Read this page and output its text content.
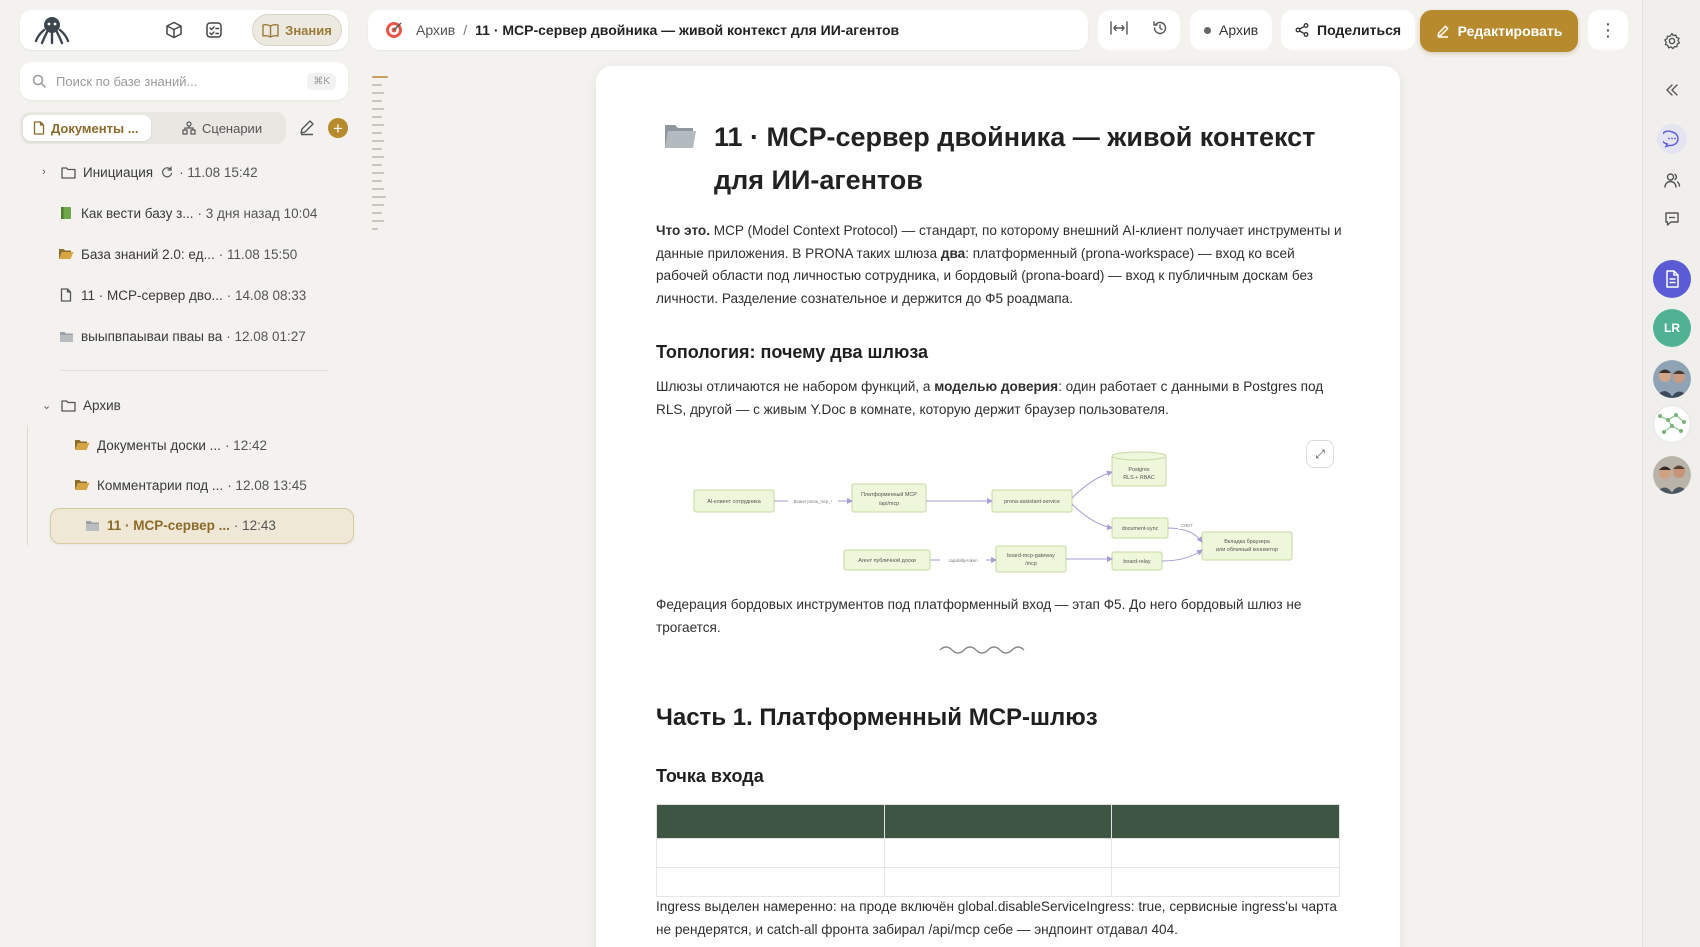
Знания
Поиск по базе знаний...
⌘K
Документы ...	Сценарии	+
›	Инициация · 11.08 15:42
Как вести базу з... · 3 дня назад 10:04
База знаний 2.0: ед... · 11.08 15:50
11 · MCP-сервер дво... · 14.08 08:33
выыпвпаываи пваы ва · 12.08 01:27
⌄ Архив
Документы доски ... · 12:42
Комментарии под ... · 12.08 13:45
11 · MCP-сервер ... · 12:43
Архив / 11 · MCP-сервер двойника — живой контекст для ИИ-агентов	Архив	Поделиться	Редактировать ⋮
LR
11 · MCP-сервер двойника — живой контекст для ИИ-агентов
Что это. MCP (Model Context Protocol) — стандарт, по которому внешний AI-клиент получает инструменты и данные приложения. В PRONA таких шлюза два: платформенный (prona-workspace) — вход ко всей рабочей области под личностью сотрудника, и бордовый (prona-board) — вход к публичным доскам без личности. Разделение сознательное и держится до Ф5 роадмапа.
Топология: почему два шлюза
Шлюзы отличаются не набором функций, а моделью доверия: один работает с данными в Postgres под RLS, другой — с живым Y.Doc в комнате, которую держит браузер пользователя.
⤢
AI-клиент сотрудника
Платформенный MCP
/api/mcp	prona-assistant-service
Postgres
RLS + RBAC
document-sync
Вкладка браузера
или облачный коннектор
Агент публичной доски
board-mcp-gateway
/mcp	board-relay
Bearer prona_mcp_*
CRDT
capability-token
Федерация бордовых инструментов под платформенный вход — этап Ф5. До него бордовый шлюз не трогается.
Часть 1. Платформенный MCP-шлюз
Точка входа

Ingress выделен намеренно: на проде включён global.disableServiceIngress: true, сервисные ingress'ы чарта не рендерятся, и catch-all фронта забирал /api/mcp себе — эндпоинт отдавал 404.
